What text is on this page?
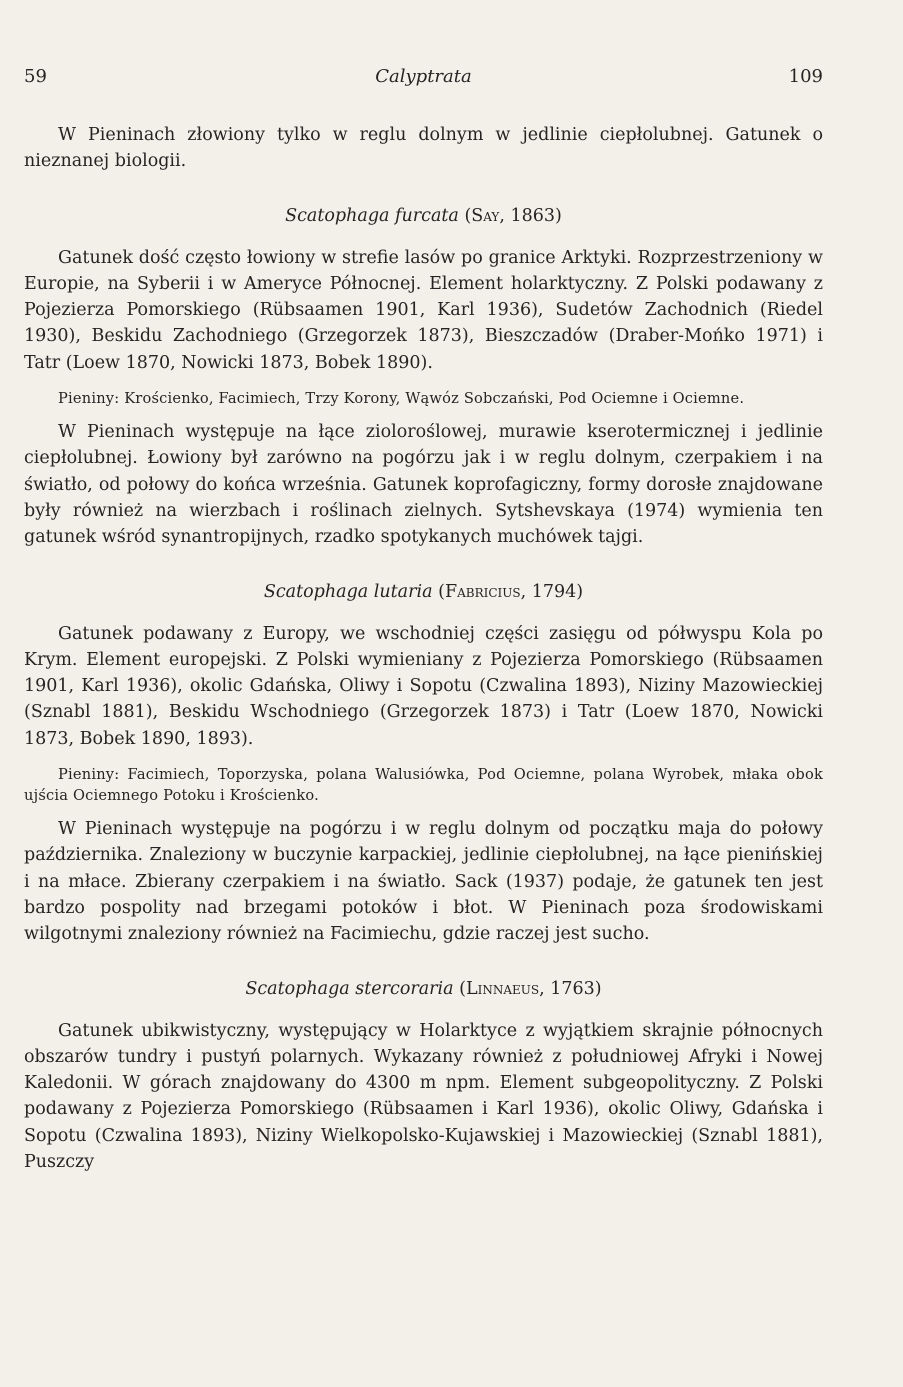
59	Calyptrata	109

W Pieninach złowiony tylko w reglu dolnym w jedlinie ciepłolubnej. Gatunek o nieznanej biologii.

Scatophaga furcata (Say, 1863)

Gatunek dość często łowiony w strefie lasów po granice Arktyki. Rozprzestrzeniony w Europie, na Syberii i w Ameryce Północnej. Element holarktyczny. Z Polski podawany z Pojezierza Pomorskiego (Rübsaamen 1901, Karl 1936), Sudetów Zachodnich (Riedel 1930), Beskidu Zachodniego (Grzegorzek 1873), Bieszczadów (Draber-Mońko 1971) i Tatr (Loew 1870, Nowicki 1873, Bobek 1890).

Pieniny: Krościenko, Facimiech, Trzy Korony, Wąwóz Sobczański, Pod Ociemne i Ociemne.

W Pieninach występuje na łące zioloroślowej, murawie kserotermicznej i jedlinie ciepłolubnej. Łowiony był zarówno na pogórzu jak i w reglu dolnym, czerpakiem i na światło, od połowy do końca września. Gatunek koprofagiczny, formy dorosłe znajdowane były również na wierzbach i roślinach zielnych. Sytshevskaya (1974) wymienia ten gatunek wśród synantropijnych, rzadko spotykanych muchówek tajgi.

Scatophaga lutaria (Fabricius, 1794)

Gatunek podawany z Europy, we wschodniej części zasięgu od półwyspu Kola po Krym. Element europejski. Z Polski wymieniany z Pojezierza Pomorskiego (Rübsaamen 1901, Karl 1936), okolic Gdańska, Oliwy i Sopotu (Czwalina 1893), Niziny Mazowieckiej (Sznabl 1881), Beskidu Wschodniego (Grzegorzek 1873) i Tatr (Loew 1870, Nowicki 1873, Bobek 1890, 1893).

Pieniny: Facimiech, Toporzyska, polana Walusiówka, Pod Ociemne, polana Wyrobek, młaka obok ujścia Ociemnego Potoku i Krościenko.

W Pieninach występuje na pogórzu i w reglu dolnym od początku maja do połowy października. Znaleziony w buczynie karpackiej, jedlinie ciepłolubnej, na łące pienińskiej i na młace. Zbierany czerpakiem i na światło. Sack (1937) podaje, że gatunek ten jest bardzo pospolity nad brzegami potoków i błot. W Pieninach poza środowiskami wilgotnymi znaleziony również na Facimiechu, gdzie raczej jest sucho.

Scatophaga stercoraria (Linnaeus, 1763)

Gatunek ubikwistyczny, występujący w Holarktyce z wyjątkiem skrajnie północnych obszarów tundry i pustyń polarnych. Wykazany również z południowej Afryki i Nowej Kaledonii. W górach znajdowany do 4300 m npm. Element subgeopolityczny. Z Polski podawany z Pojezierza Pomorskiego (Rübsaamen i Karl 1936), okolic Oliwy, Gdańska i Sopotu (Czwalina 1893), Niziny Wielkopolsko-Kujawskiej i Mazowieckiej (Sznabl 1881), Puszczy
